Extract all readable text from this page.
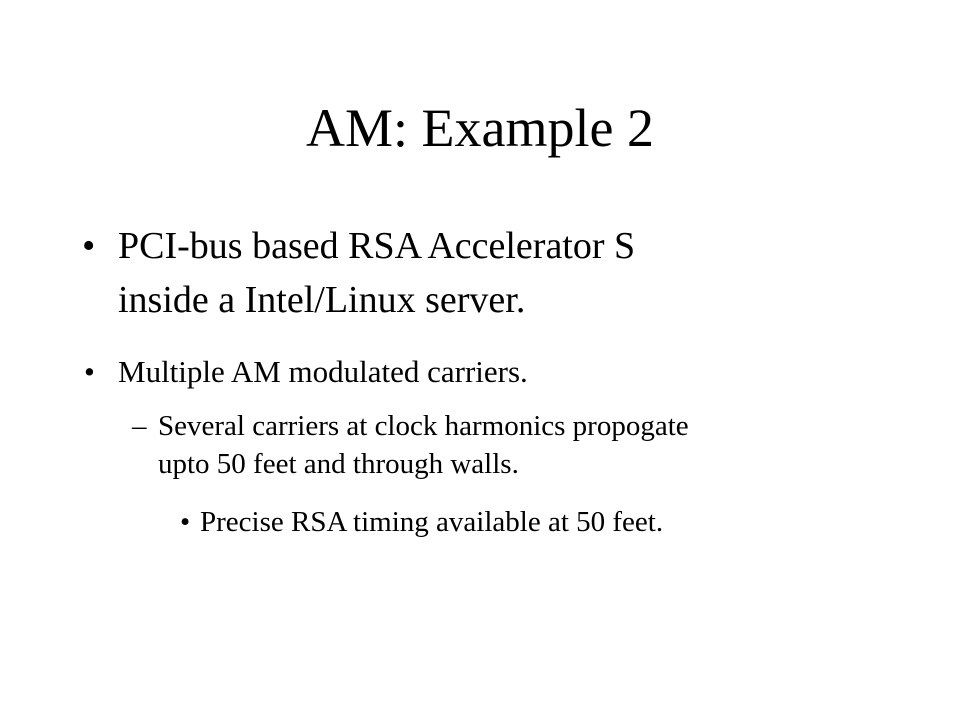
AM: Example 2
• PCI-bus based RSA Accelerator S
inside a Intel/Linux server.
• Multiple AM modulated carriers.
– Several carriers at clock harmonics propogate
upto 50 feet and through walls.
• Precise RSA timing available at 50 feet.
